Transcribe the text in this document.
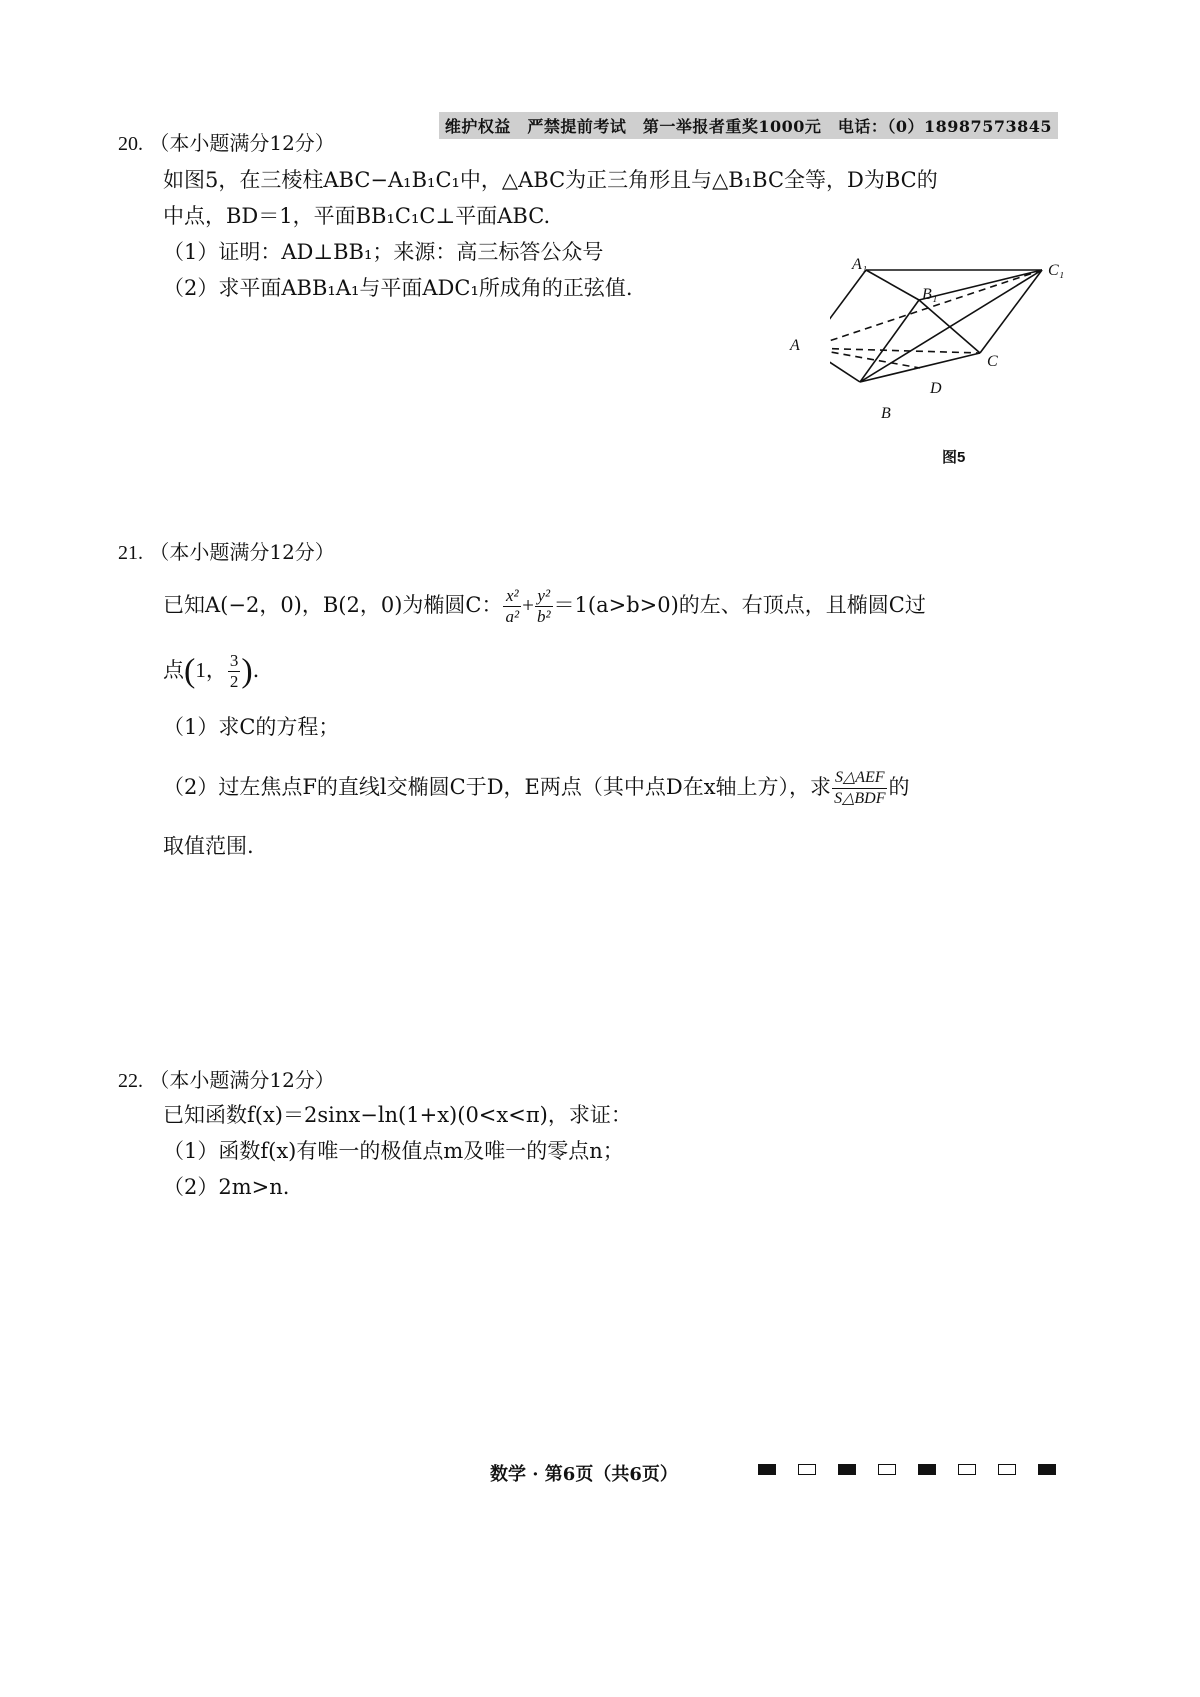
维护权益　严禁提前考试　第一举报者重奖1000元　电话：（0）18987573845
20. （本小题满分12分）
如图5，在三棱柱ABC−A₁B₁C₁中，△ABC为正三角形且与△B₁BC全等，D为BC的
中点，BD＝1，平面BB₁C₁C⊥平面ABC.
（1）证明：AD⊥BB₁；来源：高三标答公众号
（2）求平面ABB₁A₁与平面ADC₁所成角的正弦值.
A₁	C₁
B₁
A
C
D
B
图5
21. （本小题满分12分）
已知A(−2，0)，B(2，0)为椭圆C： $\frac{\text{x²}}{\text{a²}} + \frac{\text{y²}}{\text{b²}} =1(a>b>0)$的左、右顶点，且椭圆C过
点(1， $\frac{3}{2}$ ).
（1）求C的方程；
（2）过左焦点F的直线l交椭圆C于D，E两点（其中点D在x轴上方），求 $\frac{\text{S△AEF}}{\text{S△BDF}}$ 的
取值范围.
22. （本小题满分12分）
已知函数f(x)＝2sinx−ln(1+x)(0<x<π)，求证：
（1）函数f(x)有唯一的极值点m及唯一的零点n；
（2）2m>n.
数学 · 第6页（共6页）
